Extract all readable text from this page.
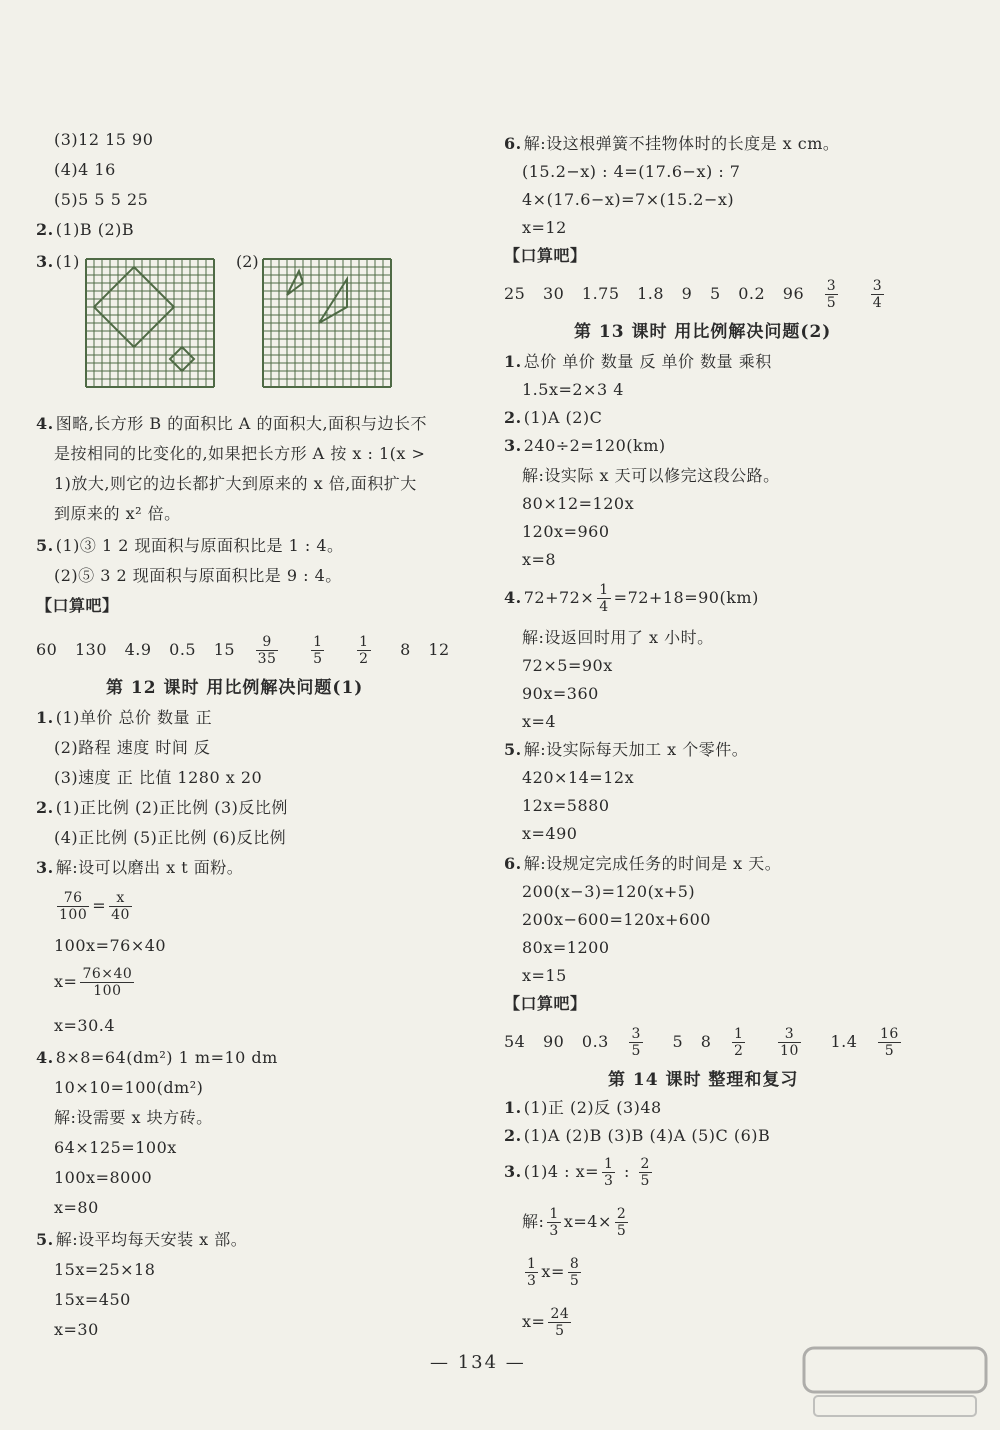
(3)12 15 90
(4)4 16
(5)5 5 5 25
2. (1)B (2)B
3. (1)	(2)
4. 图略,长方形 B 的面积比 A 的面积大,面积与边长不
是按相同的比变化的,如果把长方形 A 按 x : 1(x >
1)放大,则它的边长都扩大到原来的 x 倍,面积扩大
到原来的 x² 倍。
5. (1)③ 1 2 现面积与原面积比是 1 : 4。
(2)⑤ 3 2 现面积与原面积比是 9 : 4。
【口算吧】
60 130 4.9 0.5 $15 \frac{9}{35}$
$\frac{1}{5}$
$\frac{1}{2} 8$ 12
第 12 课时 用比例解决问题(1)
1. (1)单价 总价 数量 正
(2)路程 速度 时间 反
(3)速度 正 比值 1280 x 20
2. (1)正比例 (2)正比例 (3)反比例
(4)正比例 (5)正比例 (6)反比例
3. 解:设可以磨出 x t 面粉。
$\frac{76}{100} = \frac{x}{40}$
100x=76×40
$x= \frac{76\times 40}{100}$
x=30.4
4. 8×8=64(dm²) 1 m=10 dm
10×10=100(dm²)
解:设需要 x 块方砖。
64×125=100x
100x=8000
x=80
5. 解:设平均每天安装 x 部。
15x=25×18
15x=450
x=30
6. 解:设这根弹簧不挂物体时的长度是 x cm。
(15.2−x) : 4=(17.6−x) : 7
4×(17.6−x)=7×(15.2−x)
x=12
【口算吧】
25 30 1.75 1.8 9 5 0.2 $96 \frac{3}{5}$
$\frac{3}{4}$
第 13 课时 用比例解决问题(2)
1. 总价 单价 数量 反 单价 数量 乘积
1.5x=2×3 4
2. (1)A (2)C
3. 240÷2=120(km)
解:设实际 x 天可以修完这段公路。
80×12=120x
120x=960
x=8
4. $72+72\times \frac{1}{4} =72+18=90(km)$
解:设返回时用了 x 小时。
72×5=90x
90x=360
x=4
5. 解:设实际每天加工 x 个零件。
420×14=12x
12x=5880
x=490
6. 解:设规定完成任务的时间是 x 天。
200(x−3)=120(x+5)
200x−600=120x+600
80x=1200
x=15
【口算吧】
54 90 $0.3 \frac{3}{5} 5$ $8 \frac{1}{2}$
$\frac{3}{10} 1.4 \frac{16}{5}$
第 14 课时 整理和复习
1. (1)正 (2)反 (3)48
2. (1)A (2)B (3)B (4)A (5)C (6)B
3. (1)4 : $x= \frac{1}{3}$ : $\frac{2}{5}$
解: $\frac{1}{3} x=4\times \frac{2}{5}$
$\frac{1}{3} x= \frac{8}{5}$
$x= \frac{24}{5}$
— 134 —
